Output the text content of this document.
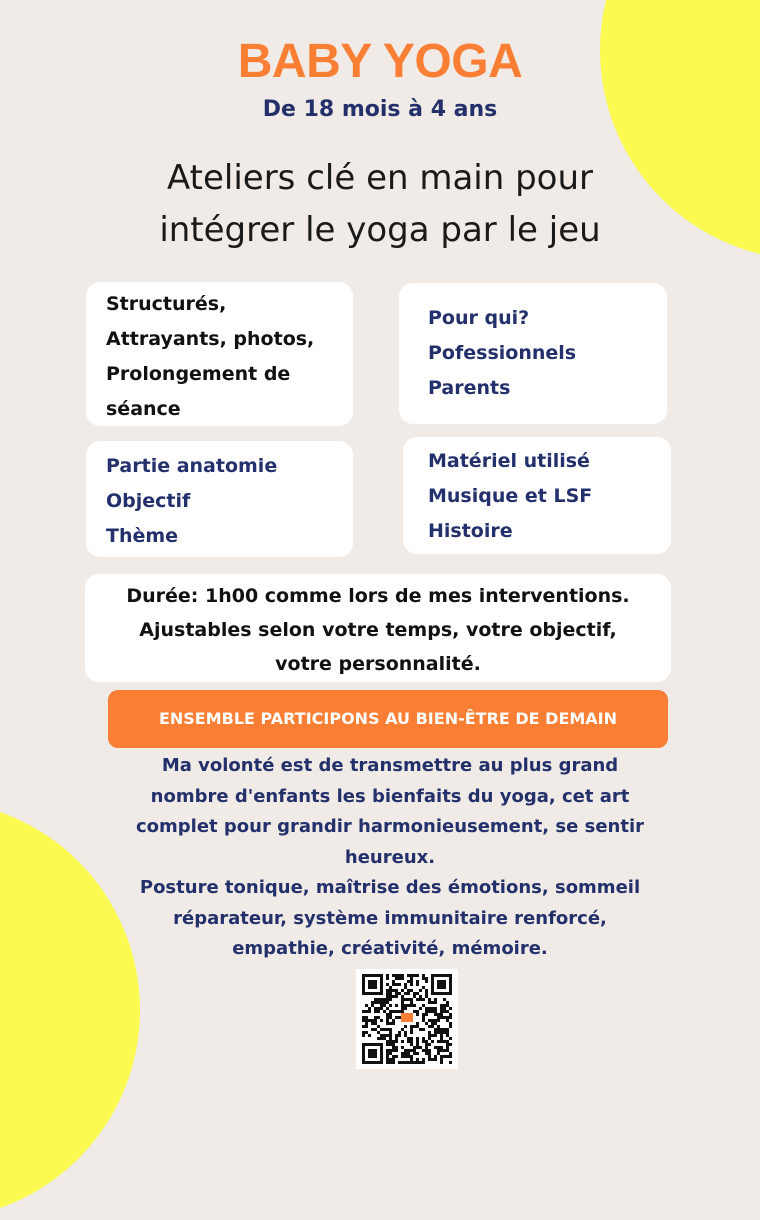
BABY YOGA
De 18 mois à 4 ans
Ateliers clé en main pour
intégrer le yoga par le jeu
Structurés,
Attrayants, photos,
Prolongement de
séance
Pour qui?
Pofessionnels
Parents
Partie anatomie
Objectif
Thème
Matériel utilisé
Musique et LSF
Histoire
Durée: 1h00 comme lors de mes interventions.
Ajustables selon votre temps, votre objectif,
votre personnalité.
ENSEMBLE PARTICIPONS AU BIEN-ÊTRE DE DEMAIN
Ma volonté est de transmettre au plus grand
nombre d'enfants les bienfaits du yoga, cet art
complet pour grandir harmonieusement, se sentir
heureux.
Posture tonique, maîtrise des émotions, sommeil
réparateur, système immunitaire renforcé,
empathie, créativité, mémoire.
